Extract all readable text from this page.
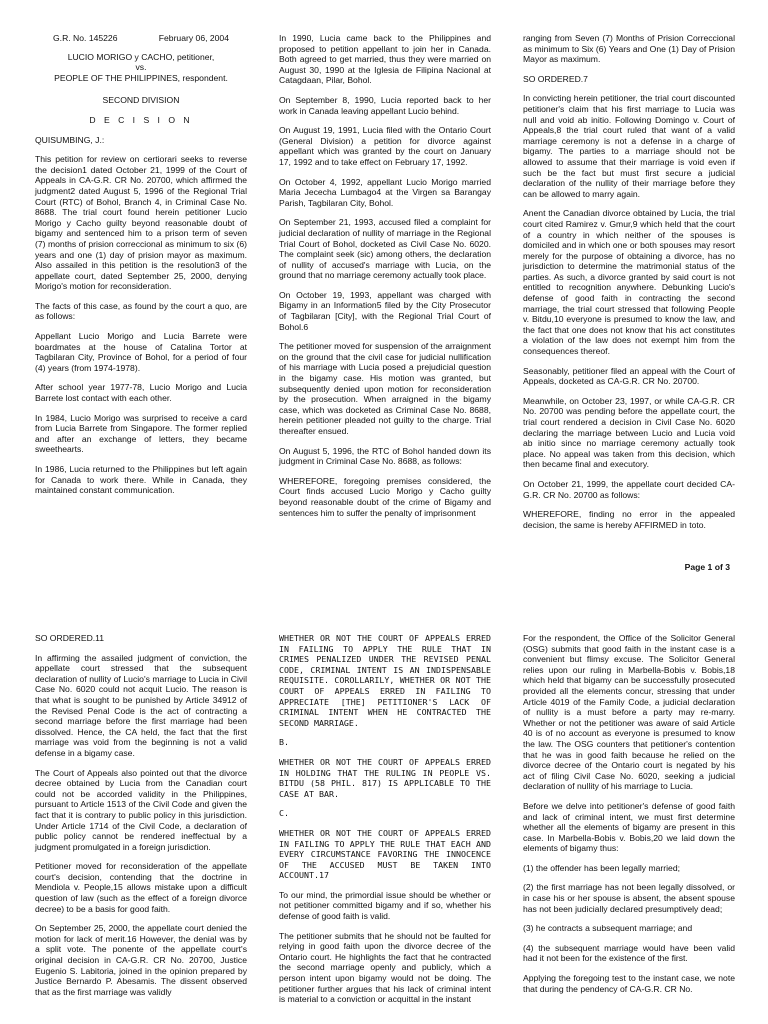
G.R. No. 145226	February 06, 2004
LUCIO MORIGO y CACHO, petitioner,
vs.
PEOPLE OF THE PHILIPPINES, respondent.
SECOND DIVISION
D E C I S I O N

QUISUMBING, J.:

This petition for review on certiorari seeks to reverse the decision1 dated October 21, 1999 of the Court of Appeals in CA-G.R. CR No. 20700, which affirmed the judgment2 dated August 5, 1996 of the Regional Trial Court (RTC) of Bohol, Branch 4, in Criminal Case No. 8688. The trial court found herein petitioner Lucio Morigo y Cacho guilty beyond reasonable doubt of bigamy and sentenced him to a prison term of seven (7) months of prision correccional as minimum to six (6) years and one (1) day of prision mayor as maximum. Also assailed in this petition is the resolution3 of the appellate court, dated September 25, 2000, denying Morigo's motion for reconsideration.

The facts of this case, as found by the court a quo, are as follows:

Appellant Lucio Morigo and Lucia Barrete were boardmates at the house of Catalina Tortor at Tagbilaran City, Province of Bohol, for a period of four (4) years (from 1974-1978).

After school year 1977-78, Lucio Morigo and Lucia Barrete lost contact with each other.

In 1984, Lucio Morigo was surprised to receive a card from Lucia Barrete from Singapore. The former replied and after an exchange of letters, they became sweethearts.

In 1986, Lucia returned to the Philippines but left again for Canada to work there. While in Canada, they maintained constant communication.

In 1990, Lucia came back to the Philippines and proposed to petition appellant to join her in Canada. Both agreed to get married, thus they were married on August 30, 1990 at the Iglesia de Filipina Nacional at Catagdaan, Pilar, Bohol.

On September 8, 1990, Lucia reported back to her work in Canada leaving appellant Lucio behind.

On August 19, 1991, Lucia filed with the Ontario Court (General Division) a petition for divorce against appellant which was granted by the court on January 17, 1992 and to take effect on February 17, 1992.

On October 4, 1992, appellant Lucio Morigo married Maria Jececha Lumbago4 at the Virgen sa Barangay Parish, Tagbilaran City, Bohol.

On September 21, 1993, accused filed a complaint for judicial declaration of nullity of marriage in the Regional Trial Court of Bohol, docketed as Civil Case No. 6020. The complaint seek (sic) among others, the declaration of nullity of accused's marriage with Lucia, on the ground that no marriage ceremony actually took place.

On October 19, 1993, appellant was charged with Bigamy in an Information5 filed by the City Prosecutor of Tagbilaran [City], with the Regional Trial Court of Bohol.6

The petitioner moved for suspension of the arraignment on the ground that the civil case for judicial nullification of his marriage with Lucia posed a prejudicial question in the bigamy case. His motion was granted, but subsequently denied upon motion for reconsideration by the prosecution. When arraigned in the bigamy case, which was docketed as Criminal Case No. 8688, herein petitioner pleaded not guilty to the charge. Trial thereafter ensued.

On August 5, 1996, the RTC of Bohol handed down its judgment in Criminal Case No. 8688, as follows:

WHEREFORE, foregoing premises considered, the Court finds accused Lucio Morigo y Cacho guilty beyond reasonable doubt of the crime of Bigamy and sentences him to suffer the penalty of imprisonment

ranging from Seven (7) Months of Prision Correccional as minimum to Six (6) Years and One (1) Day of Prision Mayor as maximum.

SO ORDERED.7

In convicting herein petitioner, the trial court discounted petitioner's claim that his first marriage to Lucia was null and void ab initio. Following Domingo v. Court of Appeals,8 the trial court ruled that want of a valid marriage ceremony is not a defense in a charge of bigamy. The parties to a marriage should not be allowed to assume that their marriage is void even if such be the fact but must first secure a judicial declaration of the nullity of their marriage before they can be allowed to marry again.

Anent the Canadian divorce obtained by Lucia, the trial court cited Ramirez v. Gmur,9 which held that the court of a country in which neither of the spouses is domiciled and in which one or both spouses may resort merely for the purpose of obtaining a divorce, has no jurisdiction to determine the matrimonial status of the parties. As such, a divorce granted by said court is not entitled to recognition anywhere. Debunking Lucio's defense of good faith in contracting the second marriage, the trial court stressed that following People v. Bitdu,10 everyone is presumed to know the law, and the fact that one does not know that his act constitutes a violation of the law does not exempt him from the consequences thereof.

Seasonably, petitioner filed an appeal with the Court of Appeals, docketed as CA-G.R. CR No. 20700.

Meanwhile, on October 23, 1997, or while CA-G.R. CR No. 20700 was pending before the appellate court, the trial court rendered a decision in Civil Case No. 6020 declaring the marriage between Lucio and Lucia void ab initio since no marriage ceremony actually took place. No appeal was taken from this decision, which then became final and executory.

On October 21, 1999, the appellate court decided CA-G.R. CR No. 20700 as follows:

WHEREFORE, finding no error in the appealed decision, the same is hereby AFFIRMED in toto.

Page 1 of 3

SO ORDERED.11

In affirming the assailed judgment of conviction, the appellate court stressed that the subsequent declaration of nullity of Lucio's marriage to Lucia in Civil Case No. 6020 could not acquit Lucio. The reason is that what is sought to be punished by Article 34912 of the Revised Penal Code is the act of contracting a second marriage before the first marriage had been dissolved. Hence, the CA held, the fact that the first marriage was void from the beginning is not a valid defense in a bigamy case.

The Court of Appeals also pointed out that the divorce decree obtained by Lucia from the Canadian court could not be accorded validity in the Philippines, pursuant to Article 1513 of the Civil Code and given the fact that it is contrary to public policy in this jurisdiction. Under Article 1714 of the Civil Code, a declaration of public policy cannot be rendered ineffectual by a judgment promulgated in a foreign jurisdiction.

Petitioner moved for reconsideration of the appellate court's decision, contending that the doctrine in Mendiola v. People,15 allows mistake upon a difficult question of law (such as the effect of a foreign divorce decree) to be a basis for good faith.

On September 25, 2000, the appellate court denied the motion for lack of merit.16 However, the denial was by a split vote. The ponente of the appellate court's original decision in CA-G.R. CR No. 20700, Justice Eugenio S. Labitoria, joined in the opinion prepared by Justice Bernardo P. Abesamis. The dissent observed that as the first marriage was validly

WHETHER OR NOT THE COURT OF APPEALS ERRED IN FAILING TO APPLY THE RULE THAT IN CRIMES PENALIZED UNDER THE REVISED PENAL CODE, CRIMINAL INTENT IS AN INDISPENSABLE REQUISITE. COROLLARILY, WHETHER OR NOT THE COURT OF APPEALS ERRED IN FAILING TO APPRECIATE [THE] PETITIONER'S LACK OF CRIMINAL INTENT WHEN HE CONTRACTED THE SECOND MARRIAGE.

B.

WHETHER OR NOT THE COURT OF APPEALS ERRED IN HOLDING THAT THE RULING IN PEOPLE VS. BITDU (58 PHIL. 817) IS APPLICABLE TO THE CASE AT BAR.

C.

WHETHER OR NOT THE COURT OF APPEALS ERRED IN FAILING TO APPLY THE RULE THAT EACH AND EVERY CIRCUMSTANCE FAVORING THE INNOCENCE OF THE ACCUSED MUST BE TAKEN INTO ACCOUNT.17

To our mind, the primordial issue should be whether or not petitioner committed bigamy and if so, whether his defense of good faith is valid.

The petitioner submits that he should not be faulted for relying in good faith upon the divorce decree of the Ontario court. He highlights the fact that he contracted the second marriage openly and publicly, which a person intent upon bigamy would not be doing. The petitioner further argues that his lack of criminal intent is material to a conviction or acquittal in the instant

For the respondent, the Office of the Solicitor General (OSG) submits that good faith in the instant case is a convenient but flimsy excuse. The Solicitor General relies upon our ruling in Marbella-Bobis v. Bobis,18 which held that bigamy can be successfully prosecuted provided all the elements concur, stressing that under Article 4019 of the Family Code, a judicial declaration of nullity is a must before a party may re-marry. Whether or not the petitioner was aware of said Article 40 is of no account as everyone is presumed to know the law. The OSG counters that petitioner's contention that he was in good faith because he relied on the divorce decree of the Ontario court is negated by his act of filing Civil Case No. 6020, seeking a judicial declaration of nullity of his marriage to Lucia.

Before we delve into petitioner's defense of good faith and lack of criminal intent, we must first determine whether all the elements of bigamy are present in this case. In Marbella-Bobis v. Bobis,20 we laid down the elements of bigamy thus:

(1) the offender has been legally married;

(2) the first marriage has not been legally dissolved, or in case his or her spouse is absent, the absent spouse has not been judicially declared presumptively dead;

(3) he contracts a subsequent marriage; and

(4) the subsequent marriage would have been valid had it not been for the existence of the first.

Applying the foregoing test to the instant case, we note that during the pendency of CA-G.R. CR No.
